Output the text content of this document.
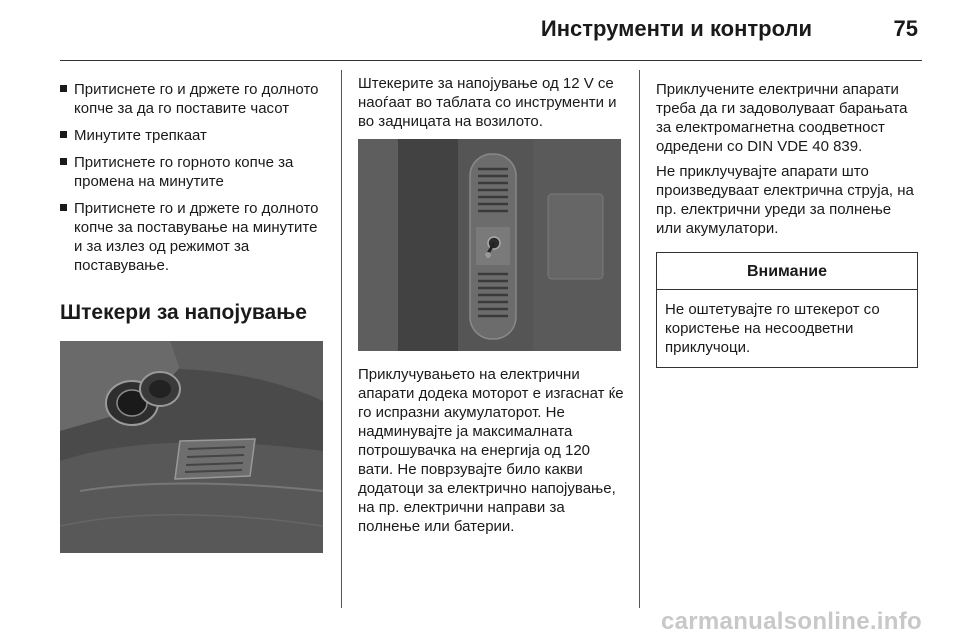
Инструменти и контроли	75
Притиснете го и држете го долното копче за да го поставите часот
Минутите трепкаат
Притиснете го горното копче за промена на минутите
Притиснете го и држете го долното копче за поставување на минутите и за излез од режимот за поставување.
Штекери за напојување

Штекерите за напојување од 12 V се наоѓаат во таблата со инструменти и во задницата на возилото.

Приклучувањето на електрични апарати додека моторот е изгаснат ќе го испразни акумулаторот. Не надминувајте ја максималната потрошувачка на енергија од 120 вати. Не поврзувајте било какви додатоци за електрично напојување, на пр. електрични направи за полнење или батерии.

Приклучените електрични апарати треба да ги задоволуваат барањата за електромагнетна соодветност одредени со DIN VDE 40 839.

Не приклучувајте апарати што произведуваат електрична струја, на пр. електрични уреди за полнење или акумулатори.

Внимание
Не оштетувајте го штекерот со користење на несоодветни приклучоци.
carmanualsonline.info
